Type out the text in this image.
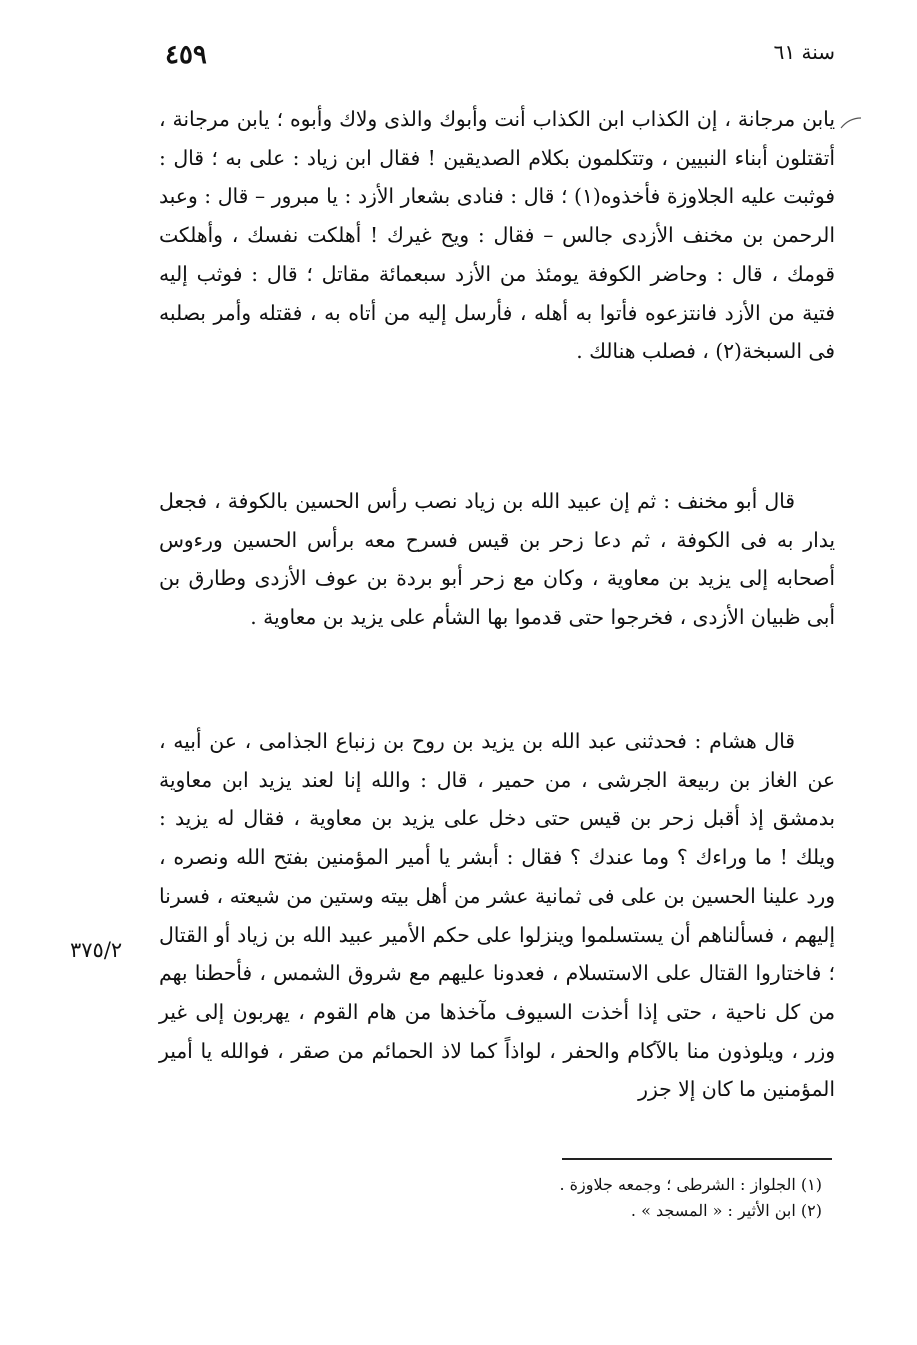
سنة ٦١
٤٥٩

يابن مرجانة ، إن الكذاب ابن الكذاب أنت وأبوك والذى ولاك وأبوه ؛ يابن مرجانة ، أتقتلون أبناء النبيين ، وتتكلمون بكلام الصديقين ! فقال ابن زياد : على به ؛ قال : فوثبت عليه الجلاوزة فأخذوه(١) ؛ قال : فنادى بشعار الأزد : يا مبرور – قال : وعبد الرحمن بن مخنف الأزدى جالس – فقال : ويح غيرك ! أهلكت نفسك ، وأهلكت قومك ، قال : وحاضر الكوفة يومئذ من الأزد سبعمائة مقاتل ؛ قال : فوثب إليه فتية من الأزد فانتزعوه فأتوا به أهله ، فأرسل إليه من أتاه به ، فقتله وأمر بصلبه فى السبخة(٢) ، فصلب هنالك .

قال أبو مخنف : ثم إن عبيد الله بن زياد نصب رأس الحسين بالكوفة ، فجعل يدار به فى الكوفة ، ثم دعا زحر بن قيس فسرح معه برأس الحسين ورءوس أصحابه إلى يزيد بن معاوية ، وكان مع زحر أبو بردة بن عوف الأزدى وطارق بن أبى ظبيان الأزدى ، فخرجوا حتى قدموا بها الشأم على يزيد بن معاوية .

قال هشام : فحدثنى عبد الله بن يزيد بن روح بن زنباع الجذامى ، عن أبيه ، عن الغاز بن ربيعة الجرشى ، من حمير ، قال : والله إنا لعند يزيد ابن معاوية بدمشق إذ أقبل زحر بن قيس حتى دخل على يزيد بن معاوية ، فقال له يزيد : ويلك ! ما وراءك ؟ وما عندك ؟ فقال : أبشر يا أمير المؤمنين بفتح الله ونصره ، ورد علينا الحسين بن على فى ثمانية عشر من أهل بيته وستين من شيعته ، فسرنا إليهم ، فسألناهم أن يستسلموا وينزلوا على حكم الأمير عبيد الله بن زياد أو القتال ؛ فاختاروا القتال على الاستسلام ، فعدونا عليهم مع شروق الشمس ، فأحطنا بهم من كل ناحية ، حتى إذا أخذت السيوف مآخذها من هام القوم ، يهربون إلى غير وزر ، ويلوذون منا بالآكام والحفر ، لواذاً كما لاذ الحمائم من صقر ، فوالله يا أمير المؤمنين ما كان إلا جزر

٣٧٥/٢

(١) الجلواز : الشرطى ؛ وجمعه جلاوزة .

(٢) ابن الأثير : « المسجد » .
